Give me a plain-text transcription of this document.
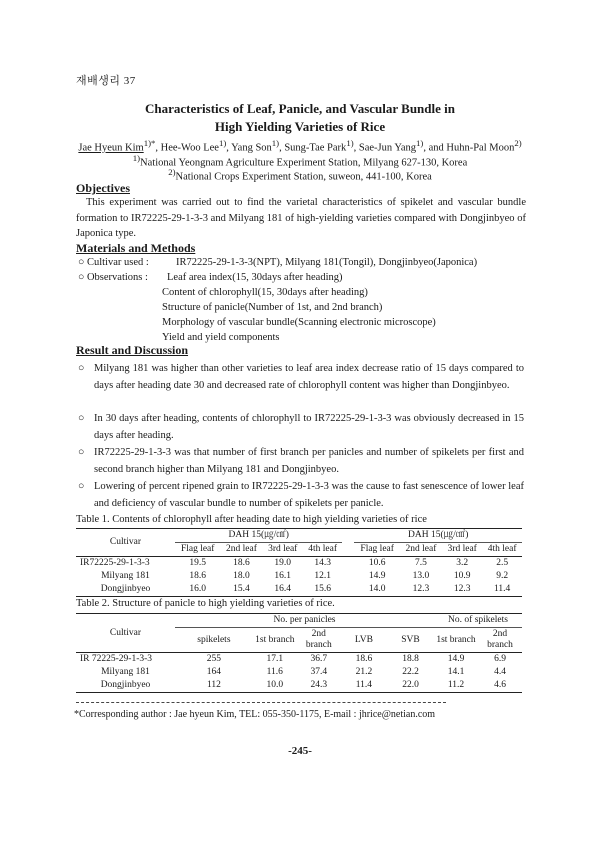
재배생리 37
Characteristics of Leaf, Panicle, and Vascular Bundle in
High Yielding Varieties of Rice
Jae Hyeun Kim$^{1)*}$, Hee-Woo Lee$^{1)}$, Yang Son$^{1)}$, Sung-Tae Park$^{1)}$, Sae-Jun Yang$^{1)}$, and Huhn-Pal Moon$^{2)}$
$^{1)}$National Yeongnam Agriculture Experiment Station, Milyang 627-130, Korea
$^{2)}$National Crops Experiment Station, suweon, 441-100, Korea
Objectives
This experiment was carried out to find the varietal characteristics of spikelet and vascular bundle formation to IR72225-29-1-3-3 and Milyang 181 of high-yielding varieties compared with Dongjinbyeo of Japonica type.
Materials and Methods
○ Cultivar used :	IR72225-29-1-3-3(NPT), Milyang 181(Tongil), Dongjinbyeo(Japonica)
○ Observations : Leaf area index(15, 30days after heading)
Content of chlorophyll(15, 30days after heading)
Structure of panicle(Number of 1st, and 2nd branch)
Morphology of vascular bundle(Scanning electronic microscope)
Yield and yield components
Result and Discussion
○ Milyang 181 was higher than other varieties to leaf area index decrease ratio of 15 days compared to days after heading date 30 and decreased rate of chlorophyll content was higher than Dongjinbyeo.
○ In 30 days after heading, contents of chlorophyll to IR72225-29-1-3-3 was obviously decreased in 15 days after heading.
○ IR72225-29-1-3-3 was that number of first branch per panicles and number of spikelets per first and second branch higher than Milyang 181 and Dongjinbyeo.
○ Lowering of percent ripened grain to IR72225-29-1-3-3 was the cause to fast senescence of lower leaf and deficiency of vascular bundle to number of spikelets per panicle.
Table 1. Contents of chlorophyll after heading date to high yielding varieties of rice
Cultivar	DAH 15(㎍/㎠)					DAH 15(㎍/㎠)			
	Flag leaf	2nd leaf	3rd leaf	4th leaf		Flag leaf	2nd leaf	3rd leaf	4th leaf
IR72225-29-1-3-3	19.5	18.6	19.0	14.3		10.6	7.5	3.2	2.5
Milyang 181	18.6	18.0	16.1	12.1		14.9	13.0	10.9	9.2
Dongjinbyeo	16.0	15.4	16.4	15.6		14.0	12.3	12.3	11.4
Table 2. Structure of panicle to high yielding varieties of rice.
Cultivar	No. per panicles					No. of spikelets	
	spikelets	1st branch	2nd branch	LVB	SVB	1st branch	2nd branch
IR 72225-29-1-3-3	255	17.1	36.7	18.6	18.8	14.9	6.9
Milyang 181	164	11.6	37.4	21.2	22.2	14.1	4.4
Dongjinbyeo	112	10.0	24.3	11.4	22.0	11.2	4.6
*Corresponding author : Jae hyeun Kim, TEL: 055-350-1175, E-mail : jhrice@netian.com
-245-
